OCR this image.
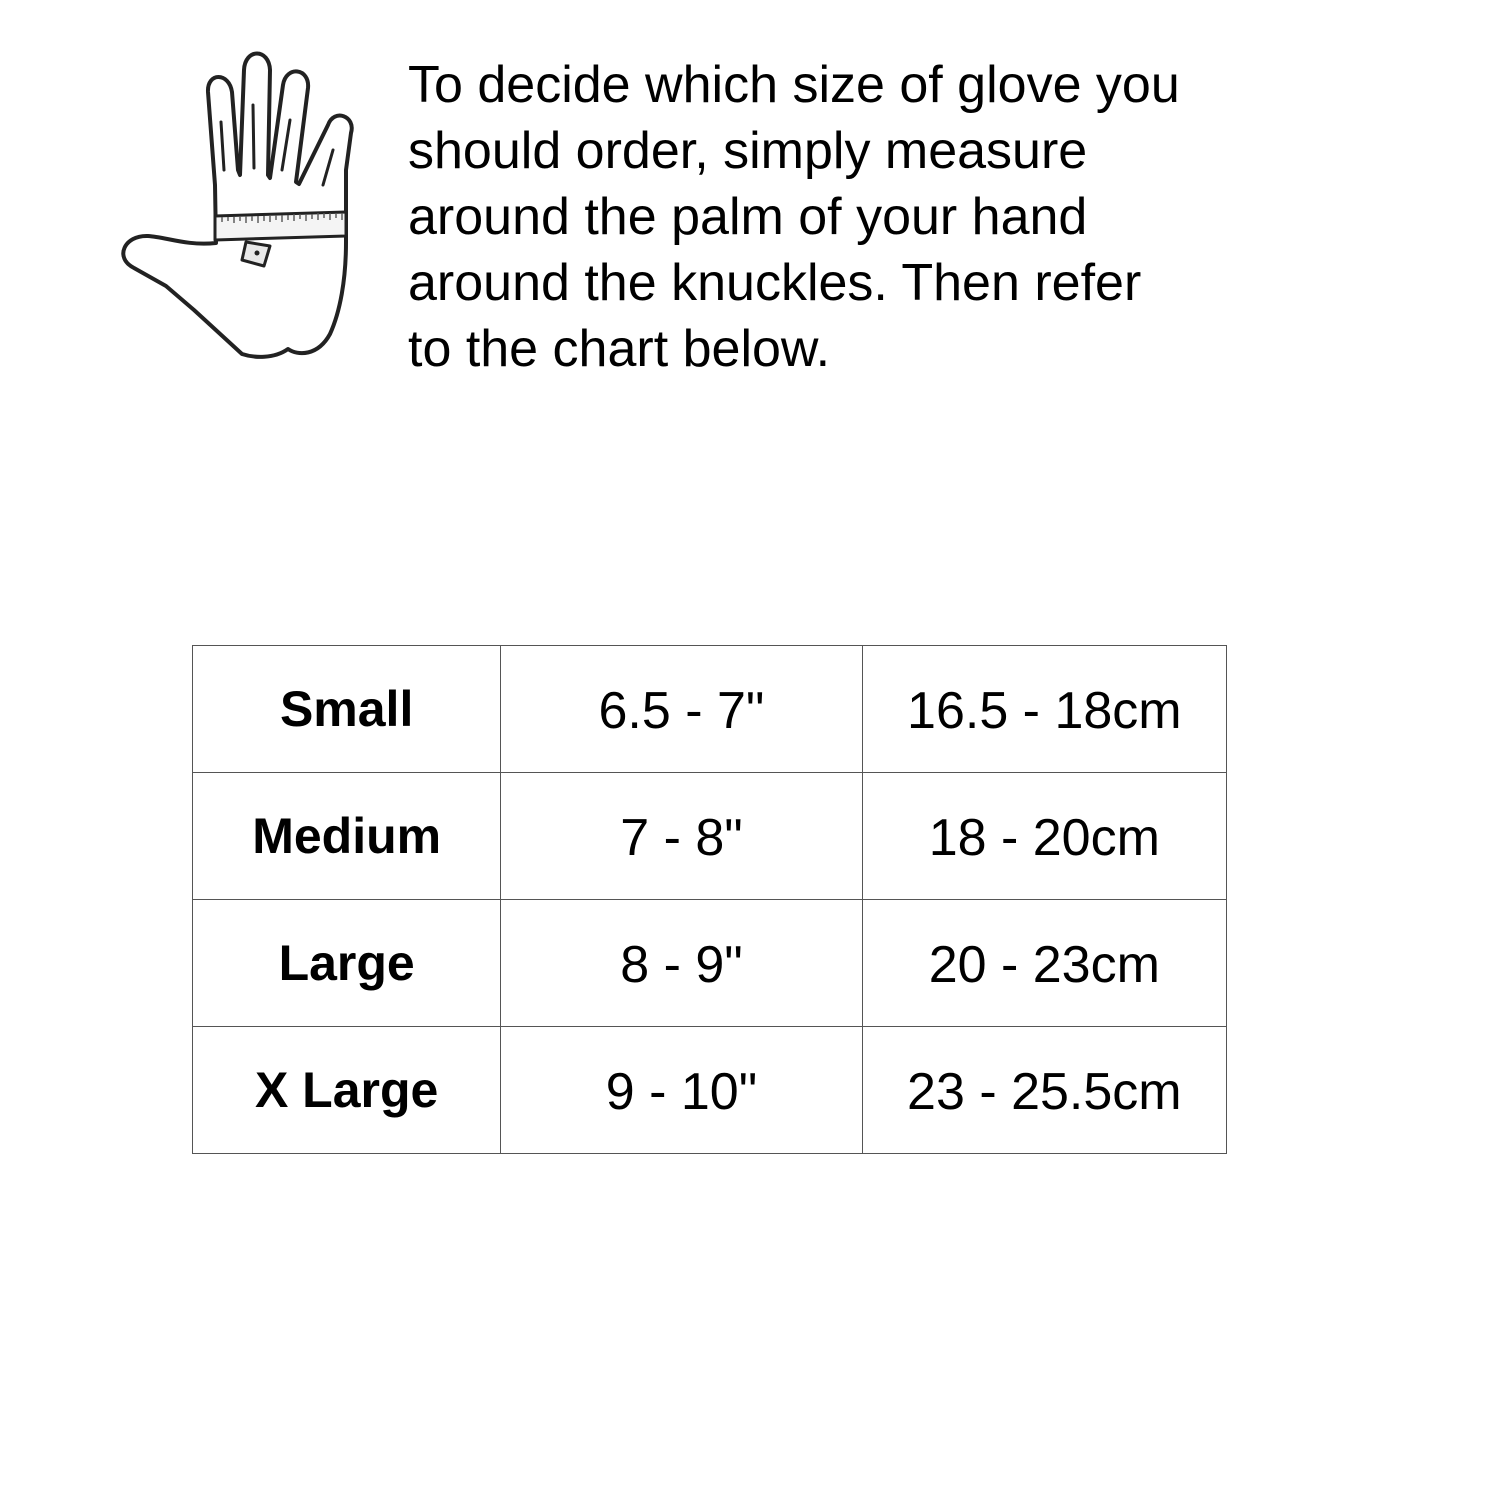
To decide which size of glove you
should order, simply measure
around the palm of your hand
around the knuckles. Then refer
to the chart below.

Small	6.5 - 7"	16.5 - 18cm
Medium	7 - 8"	18 - 20cm
Large	8 - 9"	20 - 23cm
X Large	9 - 10"	23 - 25.5cm
